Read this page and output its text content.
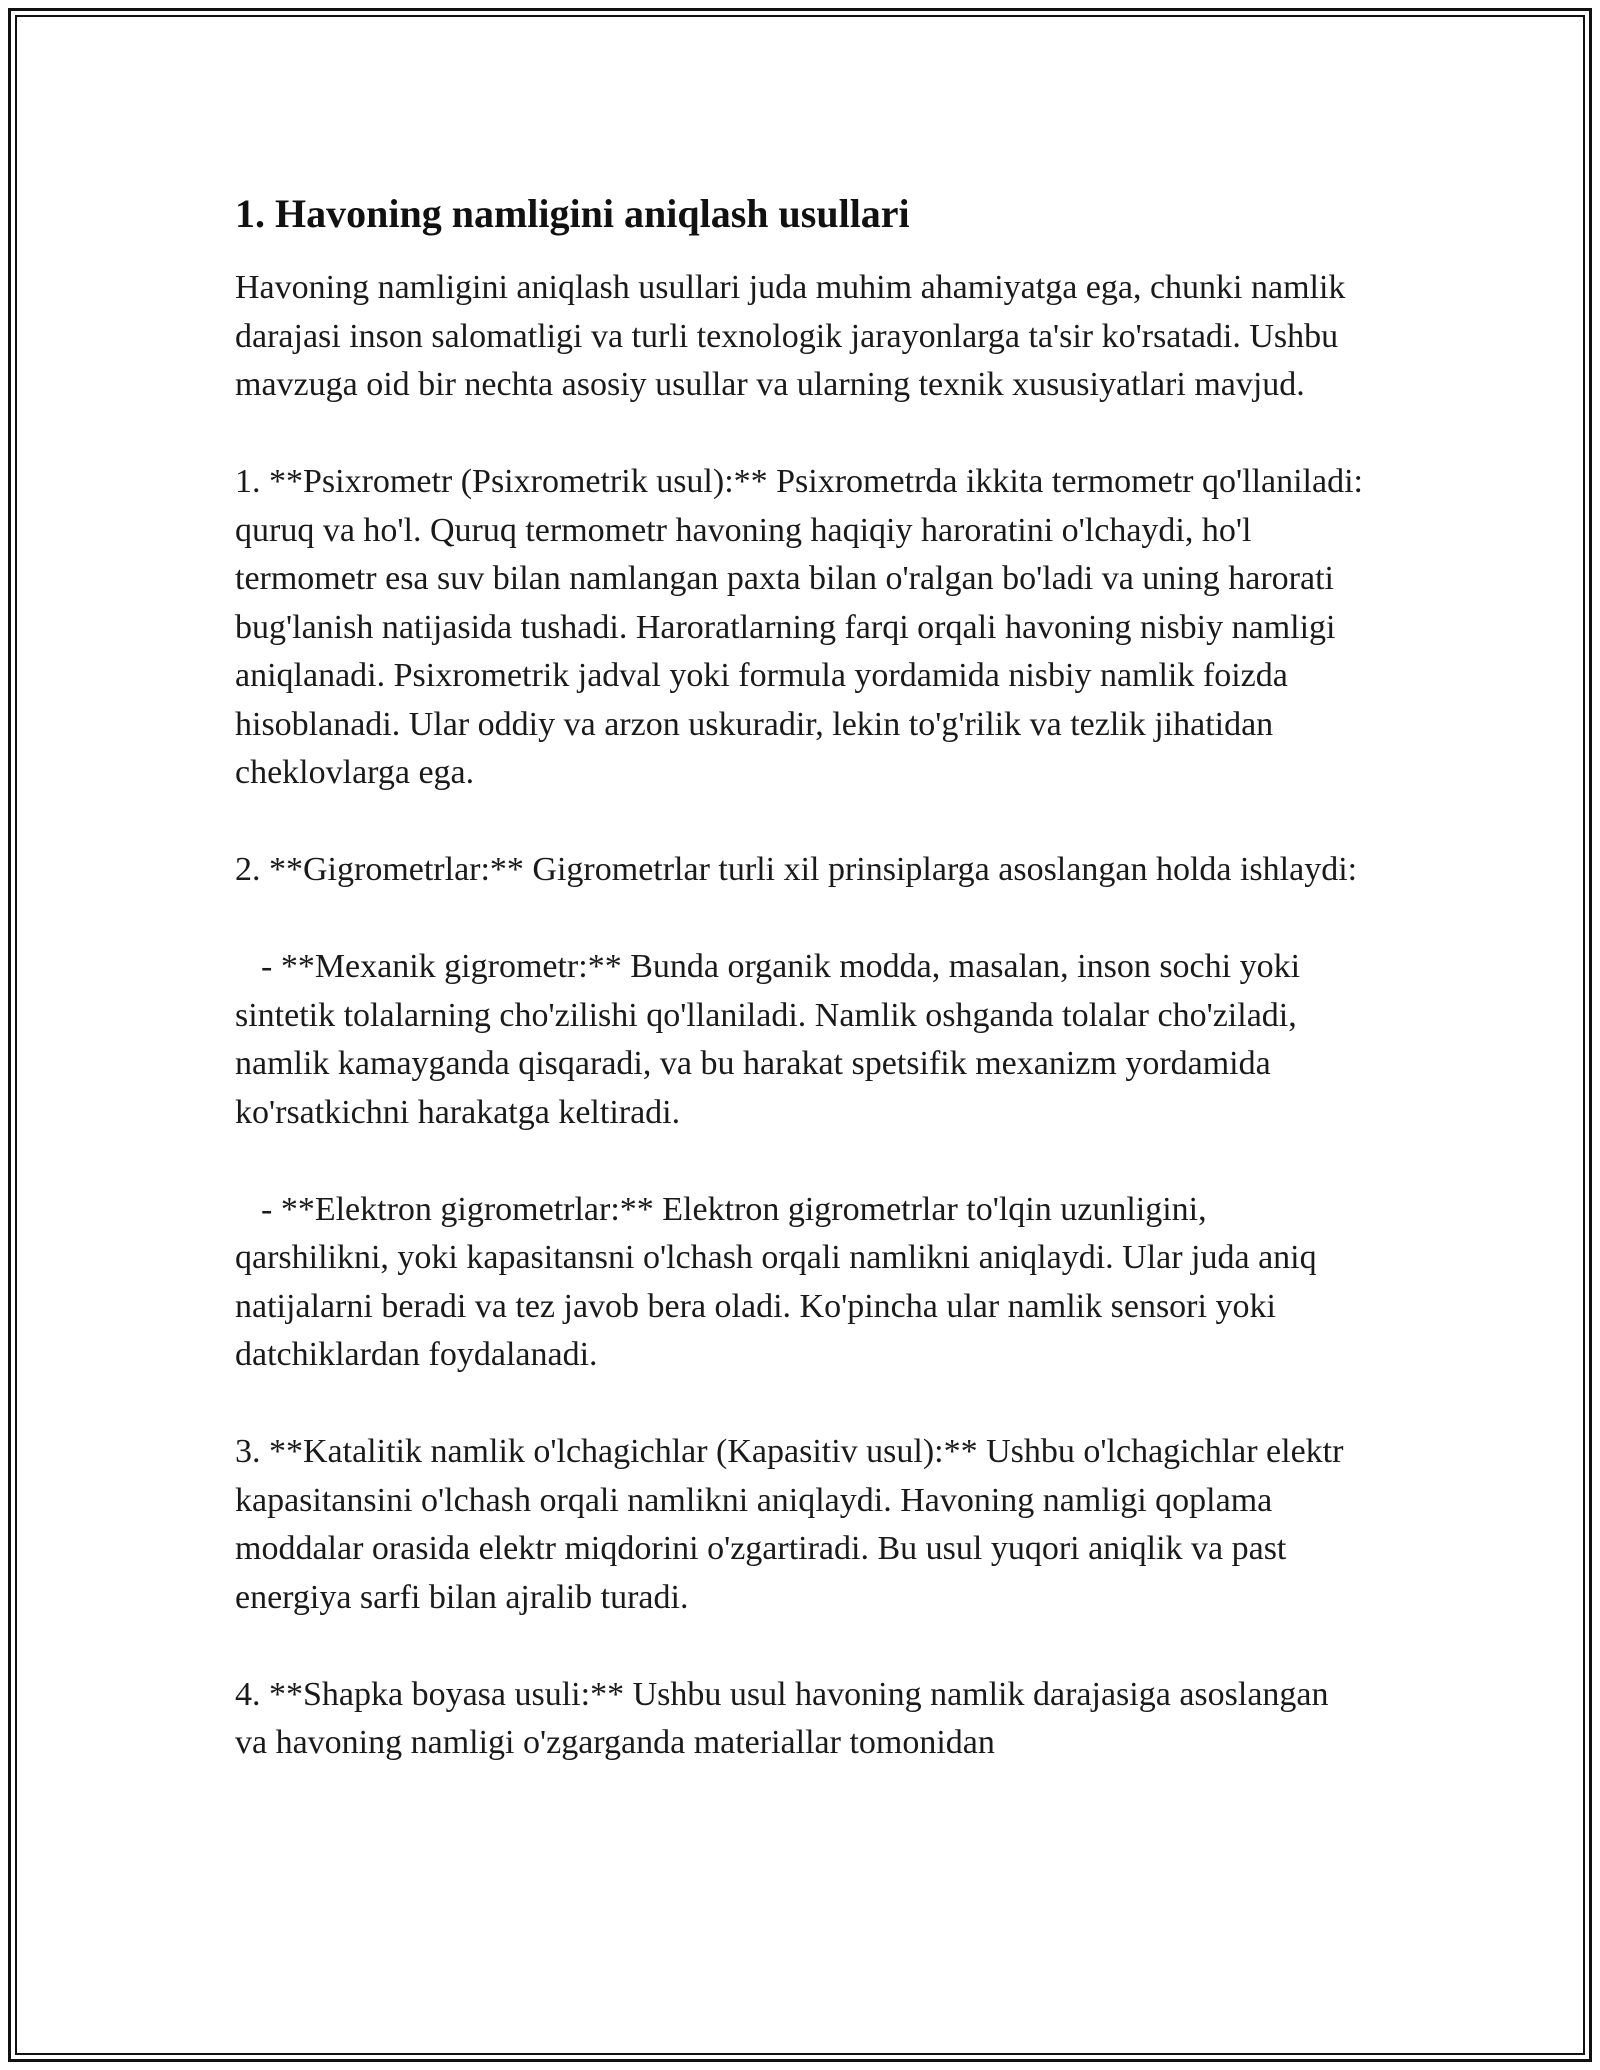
1. Havoning namligini aniqlash usullari

Havoning namligini aniqlash usullari juda muhim ahamiyatga ega, chunki namlik darajasi inson salomatligi va turli texnologik jarayonlarga ta'sir ko'rsatadi. Ushbu mavzuga oid bir nechta asosiy usullar va ularning texnik xususiyatlari mavjud.

1. **Psixrometr (Psixrometrik usul):** Psixrometrda ikkita termometr qo'llaniladi: quruq va ho'l. Quruq termometr havoning haqiqiy haroratini o'lchaydi, ho'l termometr esa suv bilan namlangan paxta bilan o'ralgan bo'ladi va uning harorati bug'lanish natijasida tushadi. Haroratlarning farqi orqali havoning nisbiy namligi aniqlanadi. Psixrometrik jadval yoki formula yordamida nisbiy namlik foizda hisoblanadi. Ular oddiy va arzon uskuradir, lekin to'g'rilik va tezlik jihatidan cheklovlarga ega.

2. **Gigrometrlar:** Gigrometrlar turli xil prinsiplarga asoslangan holda ishlaydi:

- **Mexanik gigrometr:** Bunda organik modda, masalan, inson sochi yoki sintetik tolalarning cho'zilishi qo'llaniladi. Namlik oshganda tolalar cho'ziladi, namlik kamayganda qisqaradi, va bu harakat spetsifik mexanizm yordamida ko'rsatkichni harakatga keltiradi.

- **Elektron gigrometrlar:** Elektron gigrometrlar to'lqin uzunligini, qarshilikni, yoki kapasitansni o'lchash orqali namlikni aniqlaydi. Ular juda aniq natijalarni beradi va tez javob bera oladi. Ko'pincha ular namlik sensori yoki datchiklardan foydalanadi.

3. **Katalitik namlik o'lchagichlar (Kapasitiv usul):** Ushbu o'lchagichlar elektr kapasitansini o'lchash orqali namlikni aniqlaydi. Havoning namligi qoplama moddalar orasida elektr miqdorini o'zgartiradi. Bu usul yuqori aniqlik va past energiya sarfi bilan ajralib turadi.

4. **Shapka boyasa usuli:** Ushbu usul havoning namlik darajasiga asoslangan va havoning namligi o'zgarganda materiallar tomonidan
